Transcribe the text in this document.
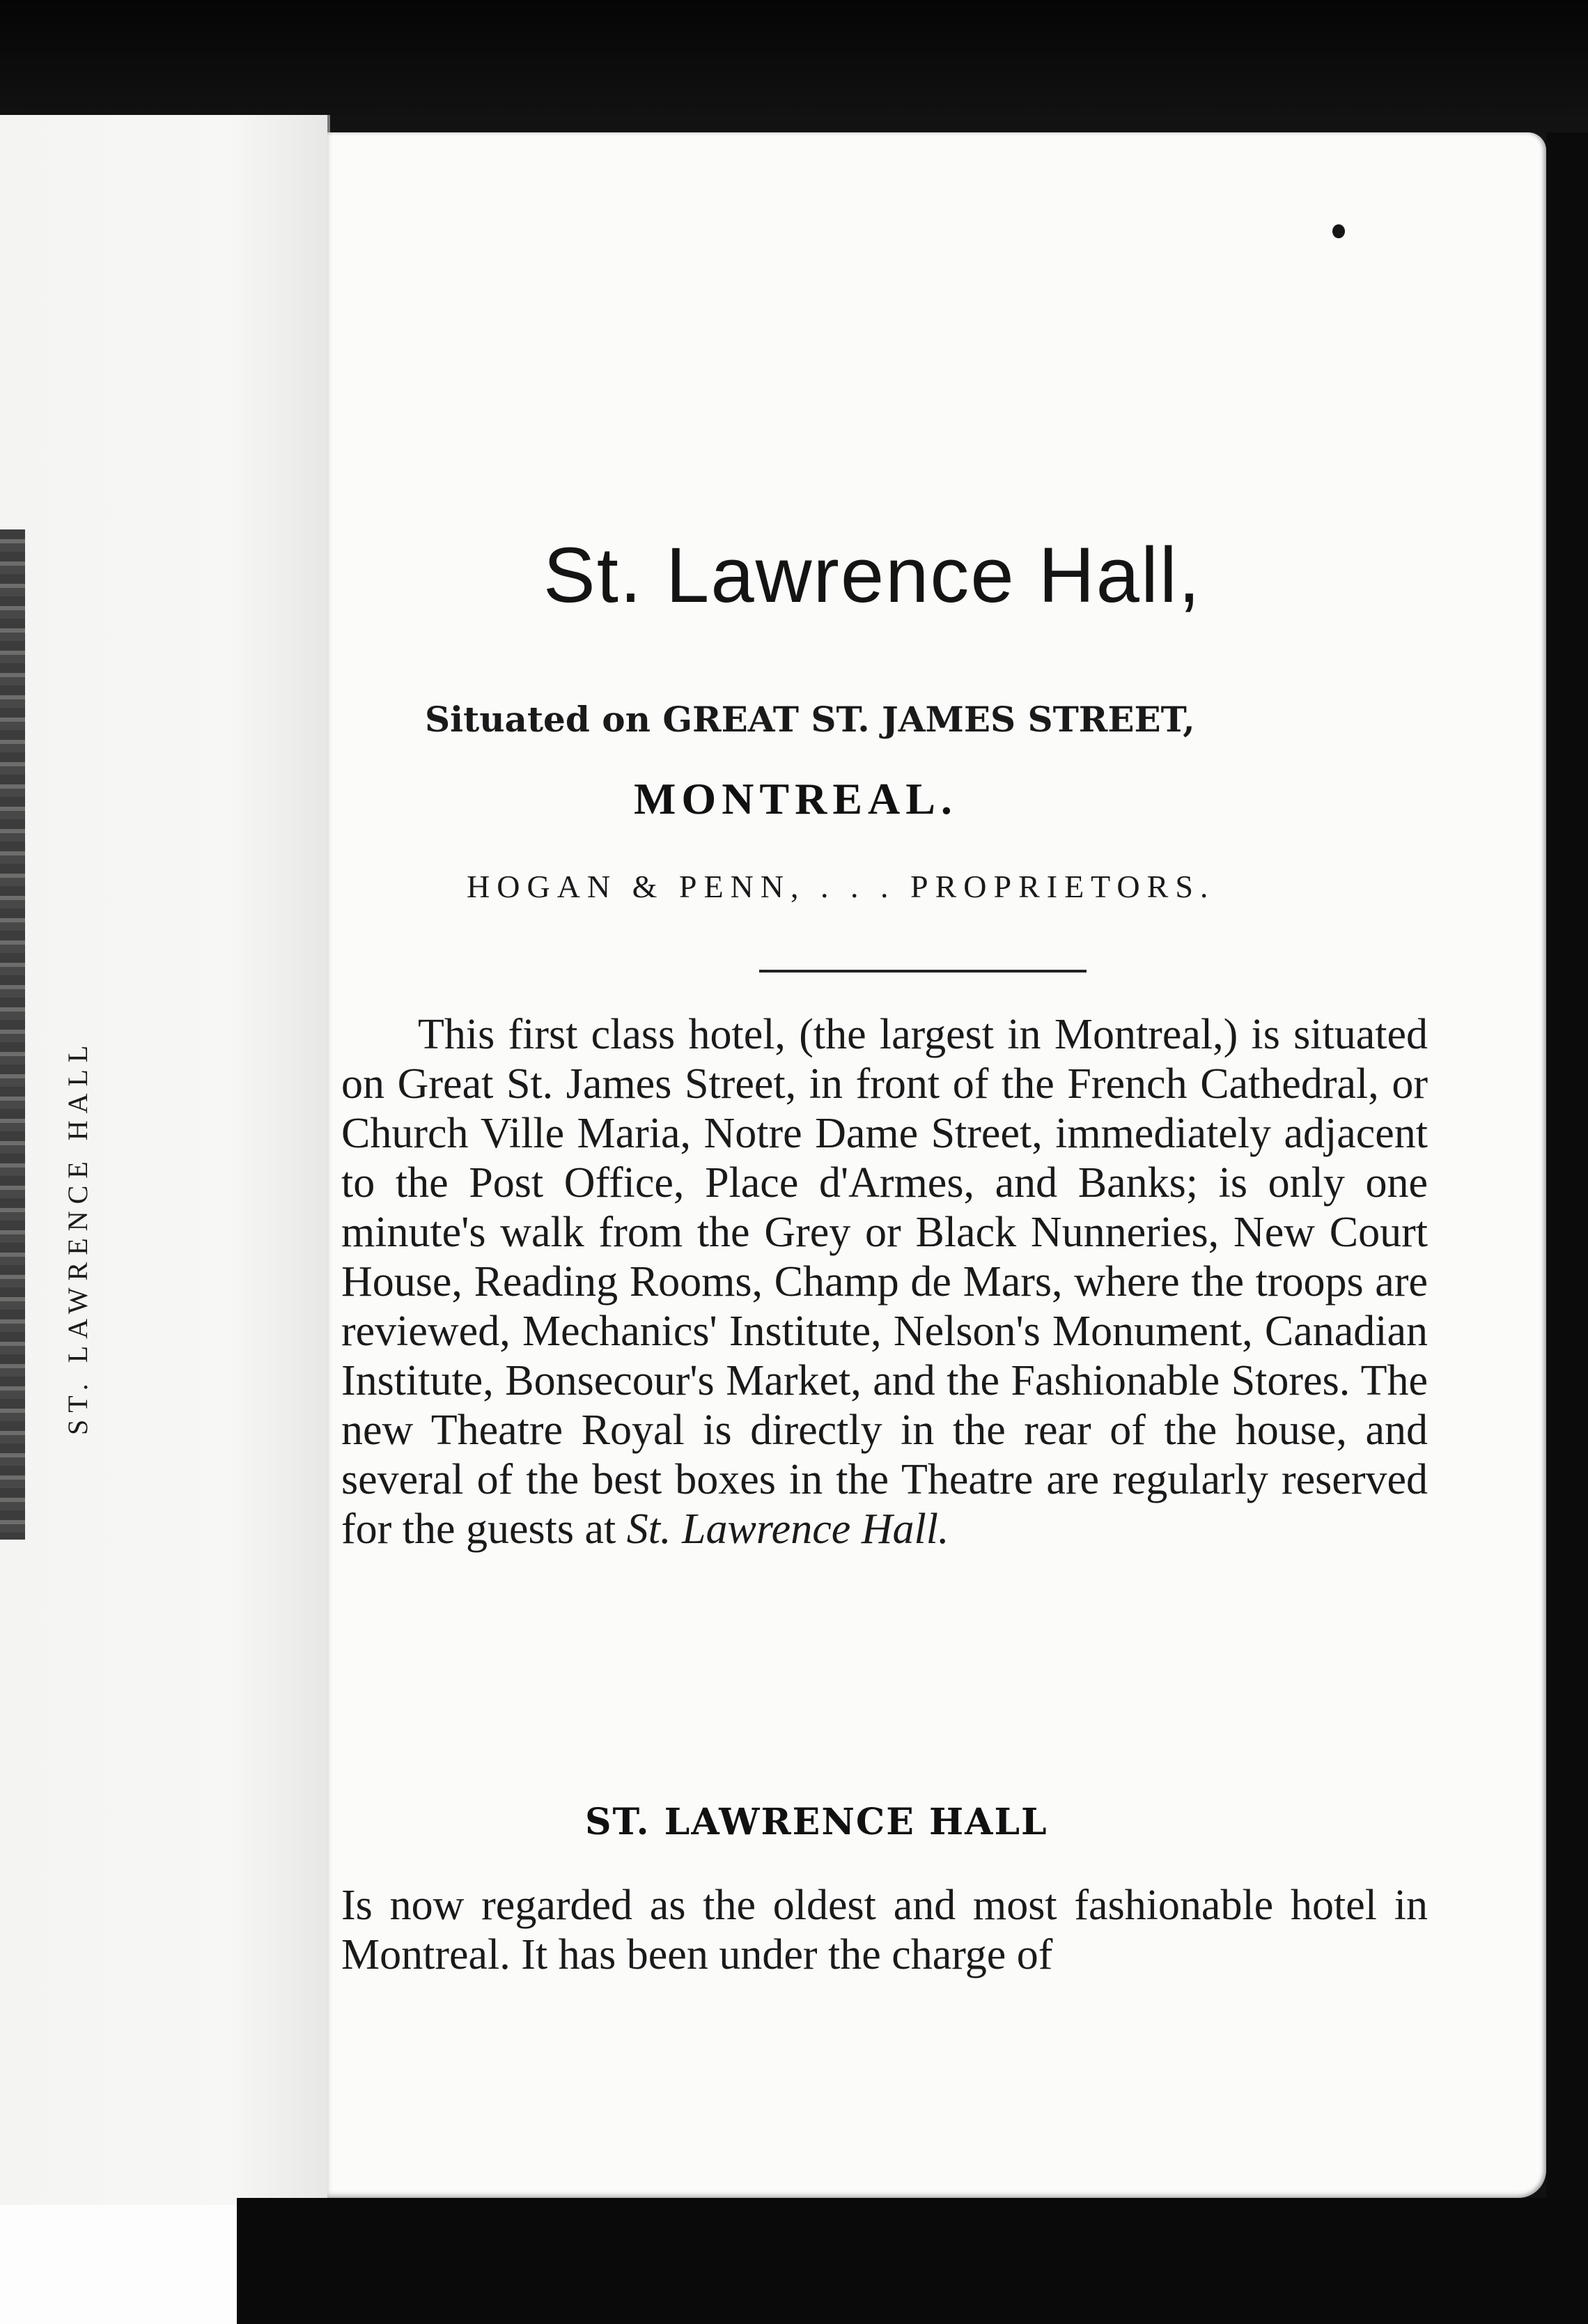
ST. LAWRENCE HALL
St. Lawrence Hall,
Situated on GREAT ST. JAMES STREET,
MONTREAL.
HOGAN & PENN, . . . PROPRIETORS.

This first class hotel, (the largest in Montreal,) is situated on Great St. James Street, in front of the French Cathedral, or Church Ville Maria, Notre Dame Street, immediately adjacent to the Post Office, Place d'Armes, and Banks; is only one minute's walk from the Grey or Black Nunneries, New Court House, Reading Rooms, Champ de Mars, where the troops are reviewed, Mechanics' Institute, Nelson's Monument, Canadian Institute, Bonsecour's Market, and the Fashionable Stores. The new Theatre Royal is directly in the rear of the house, and several of the best boxes in the Theatre are regularly reserved for the guests at St. Lawrence Hall.

ST. LAWRENCE HALL

Is now regarded as the oldest and most fashionable hotel in Montreal. It has been under the charge of
